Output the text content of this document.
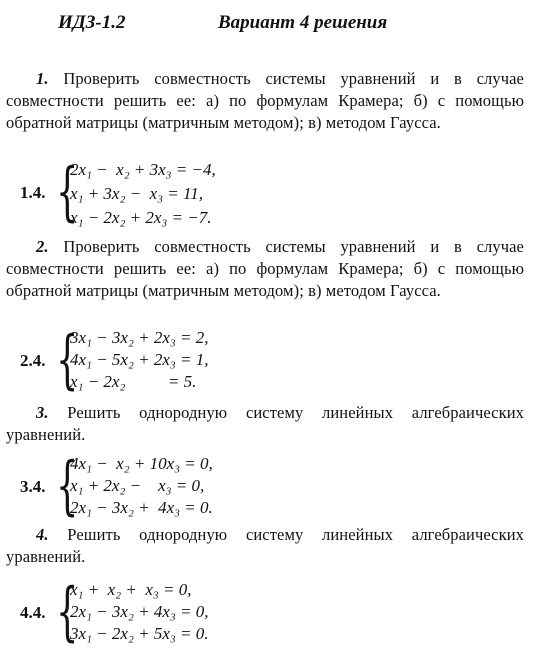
ИДЗ-1.2	Вариант 4 решения
1. Проверить совместность системы уравнений и в случае совместности решить ее: а) по формулам Крамера; б) с помощью обратной матрицы (матричным методом); в) методом Гаусса.
1.4. {
2x₁ −  x₂ + 3x₃ = −4,
x₁ + 3x₂ −  x₃ = 11,
x₁ − 2x₂ + 2x₃ = −7.
2. Проверить совместность системы уравнений и в случае совместности решить ее: а) по формулам Крамера; б) с помощью обратной матрицы (матричным методом); в) методом Гаусса.
2.4. {
3x₁ − 3x₂ + 2x₃ = 2,
4x₁ − 5x₂ + 2x₃ = 1,
x₁ − 2x₂          = 5.
3. Решить однородную систему линейных алгебраических уравнений.
3.4. {
4x₁ −  x₂ + 10x₃ = 0,
x₁ + 2x₂ −    x₃ = 0,
2x₁ − 3x₂ +  4x₃ = 0.
4. Решить однородную систему линейных алгебраических уравнений.
4.4. {
x₁ +  x₂ +  x₃ = 0,
2x₁ − 3x₂ + 4x₃ = 0,
3x₁ − 2x₂ + 5x₃ = 0.
